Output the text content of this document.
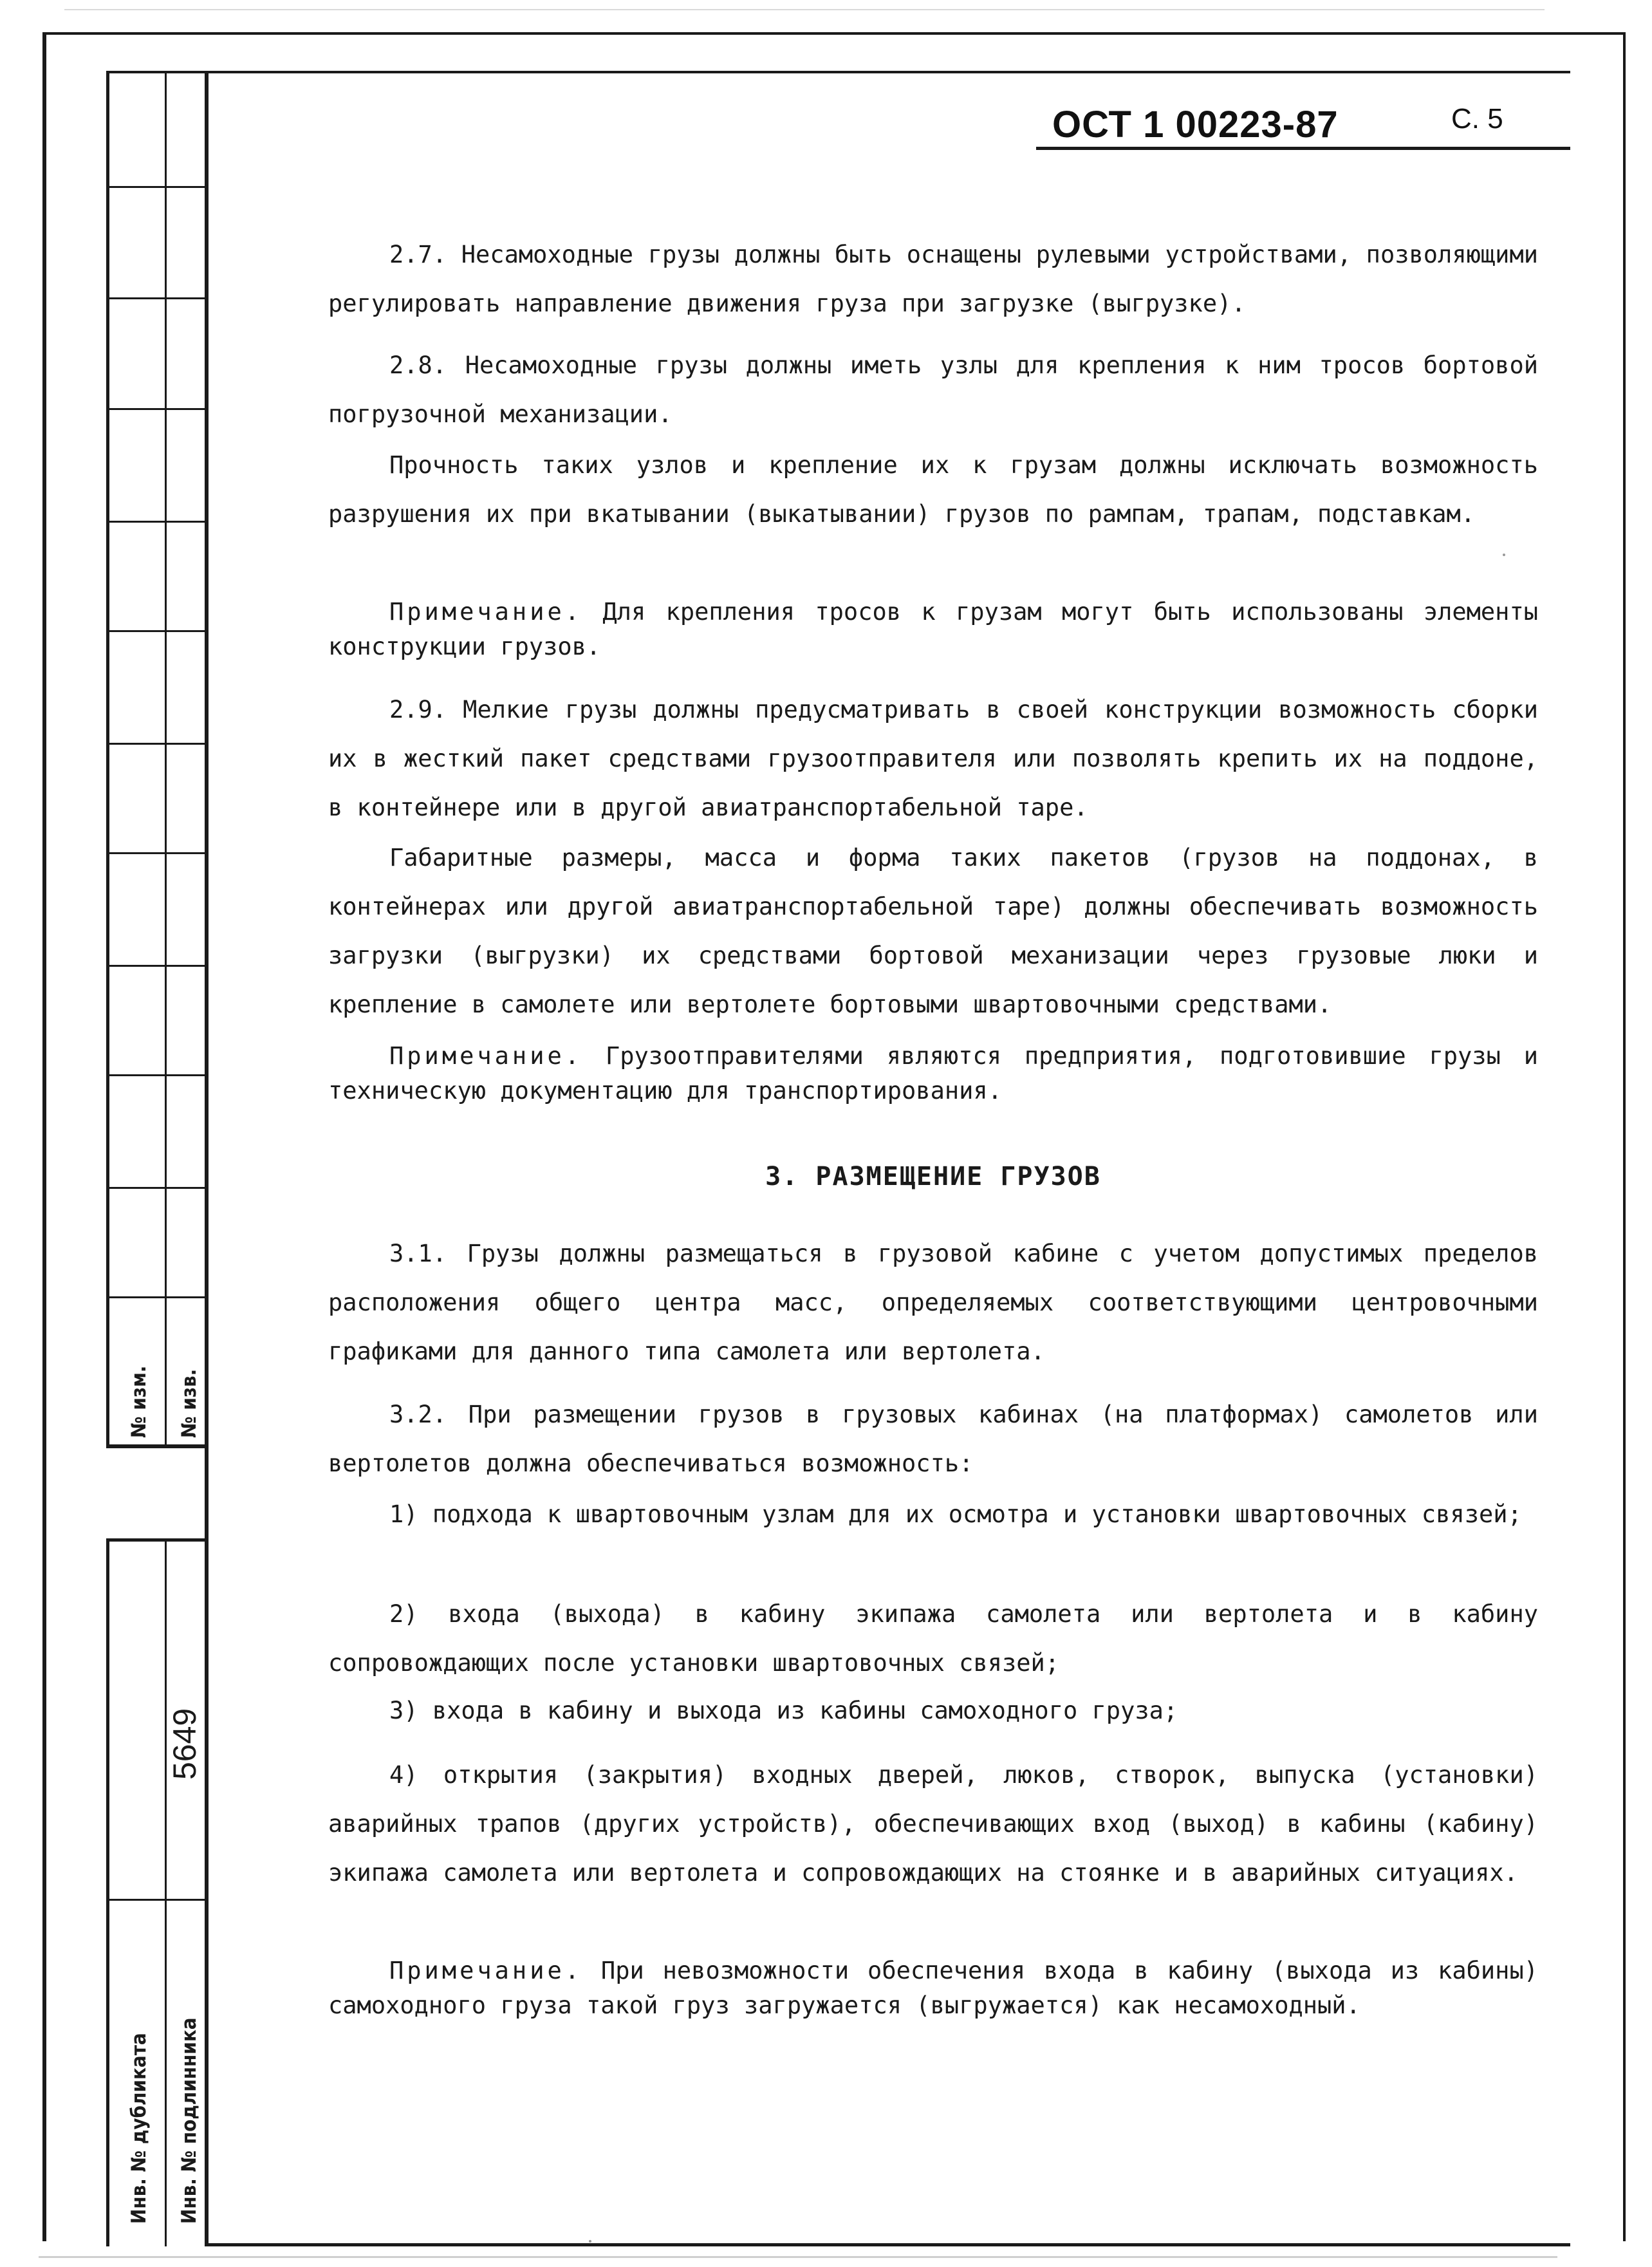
№ изм. № изв.
5649
Инв. № дубликата Инв. № подлинника
ОСТ 1 00223-87	С. 5

2.7. Несамоходные грузы должны быть оснащены рулевыми устройствами, позволяющими регулировать направление движения груза при загрузке (выгрузке).

2.8. Несамоходные грузы должны иметь узлы для крепления к ним тросов бортовой погрузочной механизации.

Прочность таких узлов и крепление их к грузам должны исключать возможность разрушения их при вкатывании (выкатывании) грузов по рампам, трапам, подставкам.

Примечание. Для крепления тросов к грузам могут быть использованы элементы конструкции грузов.

2.9. Мелкие грузы должны предусматривать в своей конструкции возможность сборки их в жесткий пакет средствами грузоотправителя или позволять крепить их на поддоне, в контейнере или в другой авиатранспортабельной таре.

Габаритные размеры, масса и форма таких пакетов (грузов на поддонах, в контейнерах или другой авиатранспортабельной таре) должны обеспечивать возможность загрузки (выгрузки) их средствами бортовой механизации через грузовые люки и крепление в самолете или вертолете бортовыми швартовочными средствами.

Примечание. Грузоотправителями являются предприятия, подготовившие грузы и техническую документацию для транспортирования.

3. РАЗМЕЩЕНИЕ ГРУЗОВ

3.1. Грузы должны размещаться в грузовой кабине с учетом допустимых пределов расположения общего центра масс, определяемых соответствующими центровочными графиками для данного типа самолета или вертолета.

3.2. При размещении грузов в грузовых кабинах (на платформах) самолетов или вертолетов должна обеспечиваться возможность:

1) подхода к швартовочным узлам для их осмотра и установки швартовочных связей;

2) входа (выхода) в кабину экипажа самолета или вертолета и в кабину сопровождающих после установки швартовочных связей;

3) входа в кабину и выхода из кабины самоходного груза;

4) открытия (закрытия) входных дверей, люков, створок, выпуска (установки) аварийных трапов (других устройств), обеспечивающих вход (выход) в кабины (кабину) экипажа самолета или вертолета и сопровождающих на стоянке и в аварийных ситуациях.

Примечание. При невозможности обеспечения входа в кабину (выхода из кабины) самоходного груза такой груз загружается (выгружается) как несамоходный.
